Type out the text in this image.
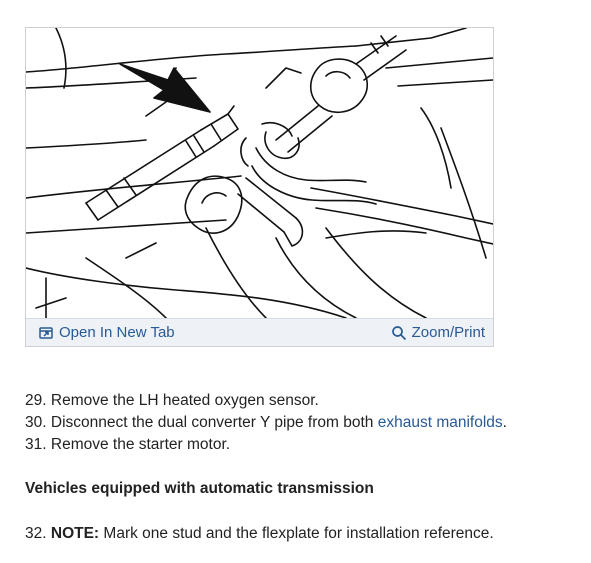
Open In New Tab	Zoom/Print
29. Remove the LH heated oxygen sensor.
30. Disconnect the dual converter Y pipe from both exhaust manifolds.
31. Remove the starter motor.
Vehicles equipped with automatic transmission
32. NOTE: Mark one stud and the flexplate for installation reference.
